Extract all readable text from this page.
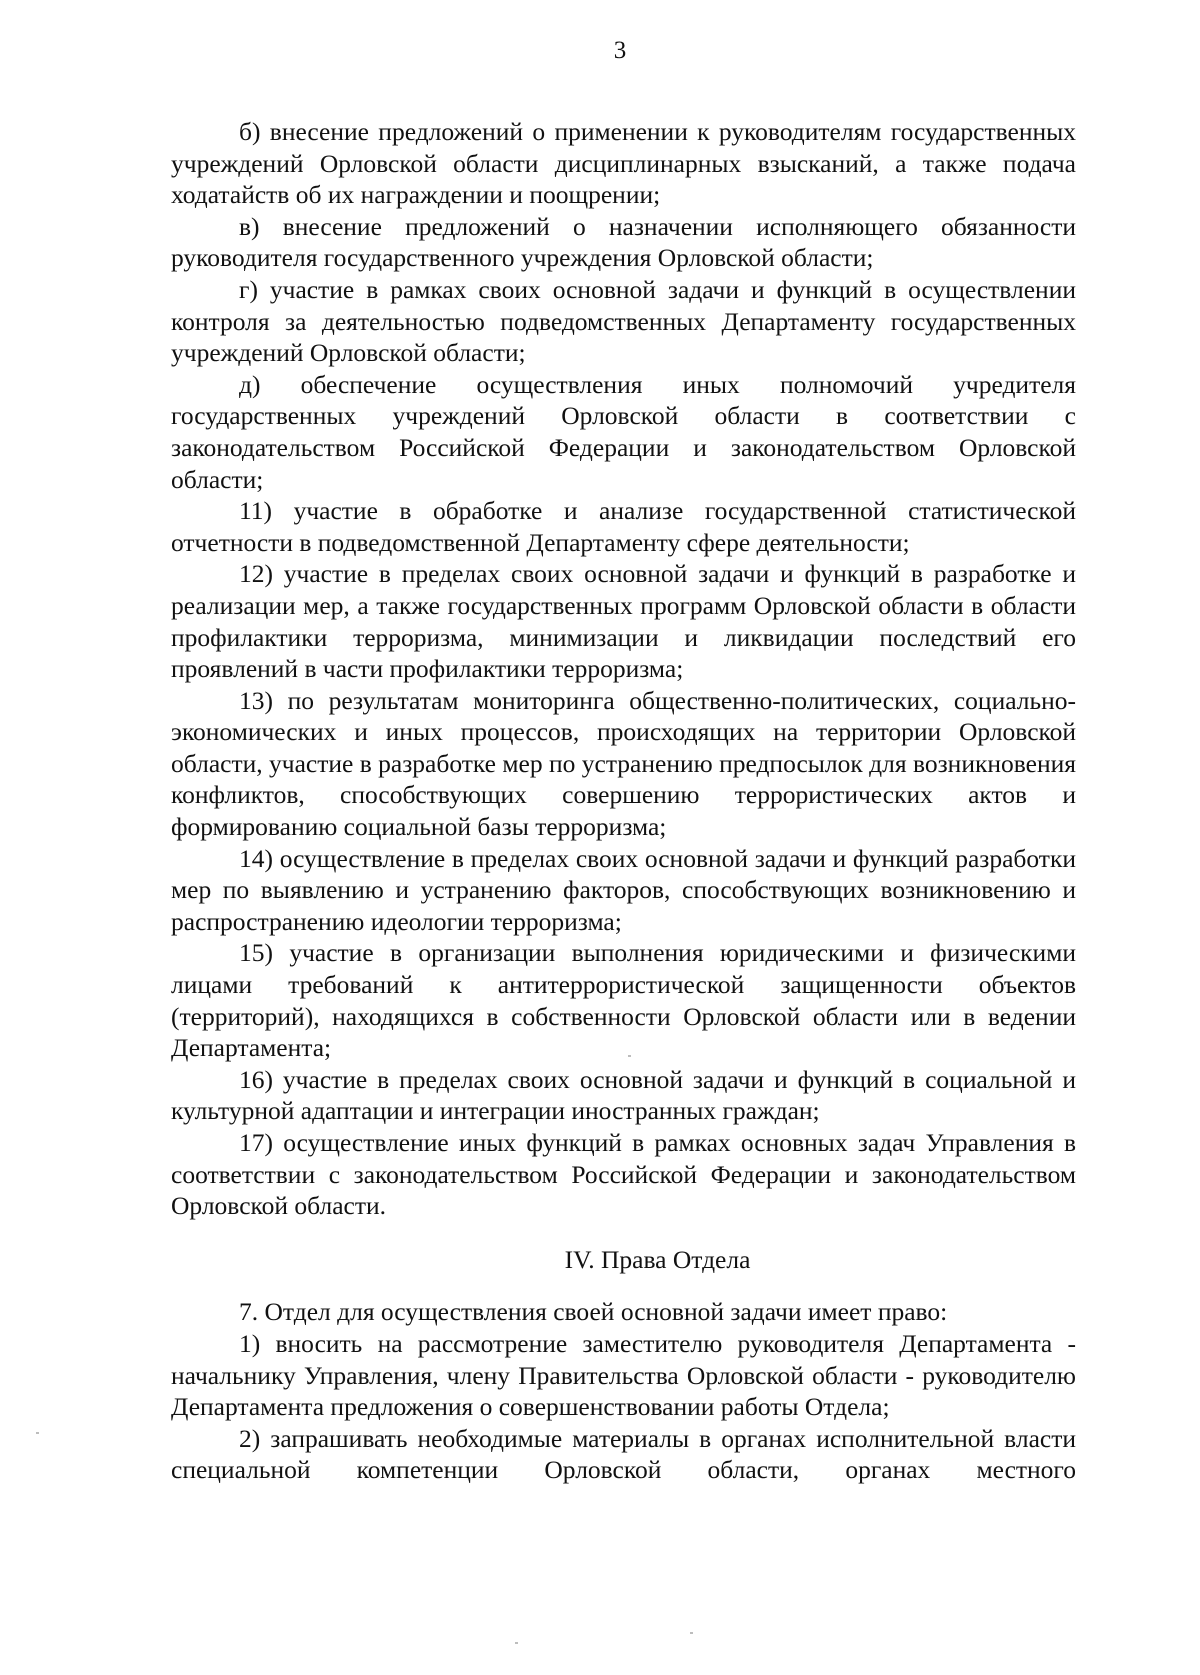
3

б) внесение предложений о применении к руководителям государственных учреждений Орловской области дисциплинарных взысканий, а также подача ходатайств об их награждении и поощрении;

в) внесение предложений о назначении исполняющего обязанности руководителя государственного учреждения Орловской области;

г) участие в рамках своих основной задачи и функций в осуществлении контроля за деятельностью подведомственных Департаменту государственных учреждений Орловской области;

д) обеспечение осуществления иных полномочий учредителя государственных учреждений Орловской области в соответствии с законодательством Российской Федерации и законодательством Орловской области;

11) участие в обработке и анализе государственной статистической отчетности в подведомственной Департаменту сфере деятельности;

12) участие в пределах своих основной задачи и функций в разработке и реализации мер, а также государственных программ Орловской области в области профилактики терроризма, минимизации и ликвидации последствий его проявлений в части профилактики терроризма;

13) по результатам мониторинга общественно-политических, социально-экономических и иных процессов, происходящих на территории Орловской области, участие в разработке мер по устранению предпосылок для возникновения конфликтов, способствующих совершению террористических актов и формированию социальной базы терроризма;

14) осуществление в пределах своих основной задачи и функций разработки мер по выявлению и устранению факторов, способствующих возникновению и распространению идеологии терроризма;

15) участие в организации выполнения юридическими и физическими лицами требований к антитеррористической защищенности объектов (территорий), находящихся в собственности Орловской области или в ведении Департамента;

16) участие в пределах своих основной задачи и функций в социальной и культурной адаптации и интеграции иностранных граждан;

17) осуществление иных функций в рамках основных задач Управления в соответствии с законодательством Российской Федерации и законодательством Орловской области.

IV. Права Отдела

7. Отдел для осуществления своей основной задачи имеет право:

1) вносить на рассмотрение заместителю руководителя Департамента - начальнику Управления, члену Правительства Орловской области - руководителю Департамента предложения о совершенствовании работы Отдела;

2) запрашивать необходимые материалы в органах исполнительной власти специальной компетенции Орловской области, органах местного
